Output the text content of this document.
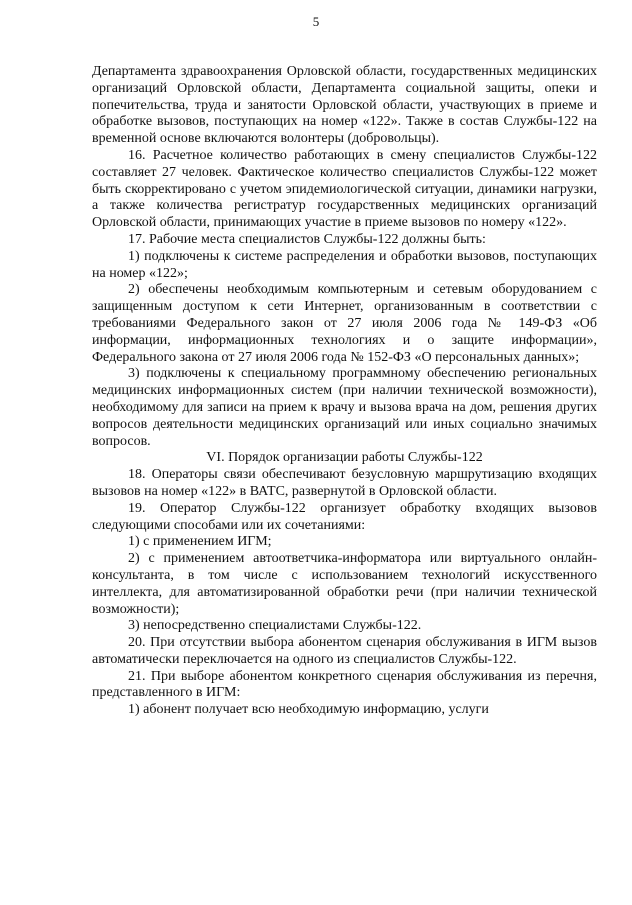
5

Департамента здравоохранения Орловской области, государственных медицинских организаций Орловской области, Департамента социальной защиты, опеки и попечительства, труда и занятости Орловской области, участвующих в приеме и обработке вызовов, поступающих на номер «122». Также в состав Службы-122 на временной основе включаются волонтеры (добровольцы).

16. Расчетное количество работающих в смену специалистов Службы-122 составляет 27 человек. Фактическое количество специалистов Службы-122 может быть скорректировано с учетом эпидемиологической ситуации, динамики нагрузки, а также количества регистратур государственных медицинских организаций Орловской области, принимающих участие в приеме вызовов по номеру «122».

17. Рабочие места специалистов Службы-122 должны быть:

1) подключены к системе распределения и обработки вызовов, поступающих на номер «122»;

2) обеспечены необходимым компьютерным и сетевым оборудованием с защищенным доступом к сети Интернет, организованным в соответствии с требованиями Федерального закон от 27 июля 2006 года № 149-ФЗ «Об информации, информационных технологиях и о защите информации», Федерального закона от 27 июля 2006 года № 152-ФЗ «О персональных данных»;

3) подключены к специальному программному обеспечению региональных медицинских информационных систем (при наличии технической возможности), необходимому для записи на прием к врачу и вызова врача на дом, решения других вопросов деятельности медицинских организаций или иных социально значимых вопросов.

VI. Порядок организации работы Службы-122

18. Операторы связи обеспечивают безусловную маршрутизацию входящих вызовов на номер «122» в ВАТС, развернутой в Орловской области.

19. Оператор Службы-122 организует обработку входящих вызовов следующими способами или их сочетаниями:

1) с применением ИГМ;

2) с применением автоответчика-информатора или виртуального онлайн-консультанта, в том числе с использованием технологий искусственного интеллекта, для автоматизированной обработки речи (при наличии технической возможности);

3) непосредственно специалистами Службы-122.

20. При отсутствии выбора абонентом сценария обслуживания в ИГМ вызов автоматически переключается на одного из специалистов Службы-122.

21. При выборе абонентом конкретного сценария обслуживания из перечня, представленного в ИГМ:

1) абонент получает всю необходимую информацию, услуги
